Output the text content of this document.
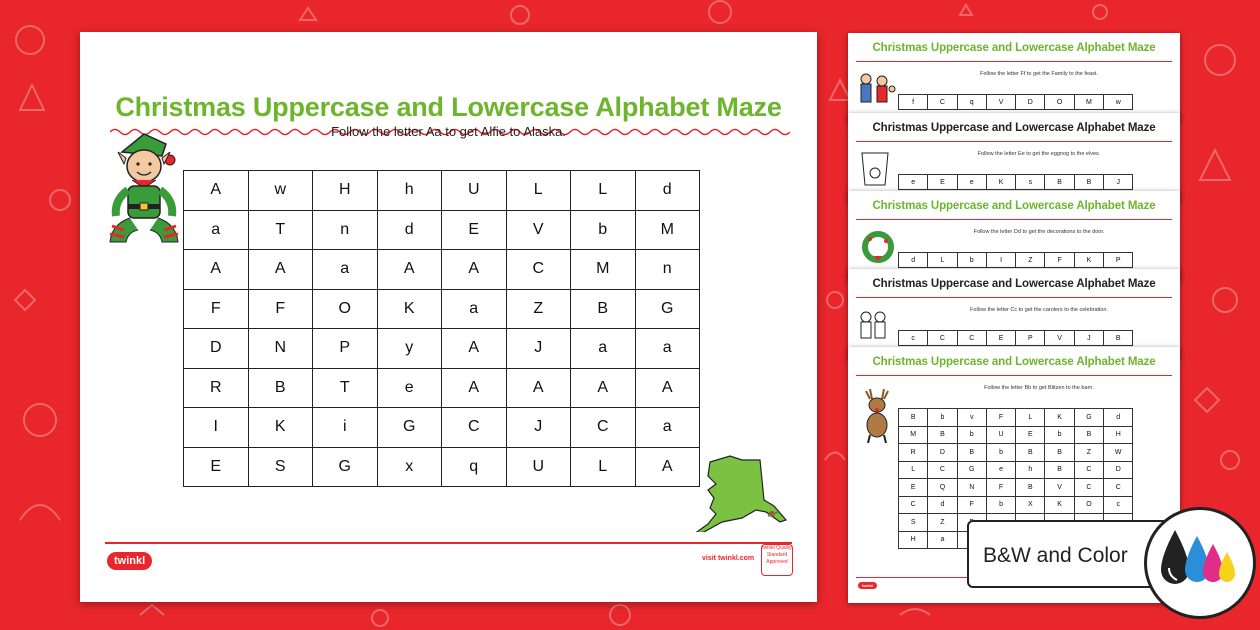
Christmas Uppercase and Lowercase Alphabet Maze
Follow the letter Aa to get Alfie to Alaska.
A	w	H	h	U	L	L	d
a	T	n	d	E	V	b	M
A	A	a	A	A	C	M	n
F	F	O	K	a	Z	B	G
D	N	P	y	A	J	a	a
R	B	T	e	A	A	A	A
I	K	i	G	C	J	C	a
E	S	G	x	q	U	L	A
twinkl	visit twinkl.com
twinkl Quality Standard Approved
Christmas Uppercase and Lowercase Alphabet Maze
Follow the letter Ff to get the Family to the feast.
f	C	q	V	D	O	M	w
Christmas Uppercase and Lowercase Alphabet Maze
Follow the letter Ee to get the eggnog to the elves.
e	E	e	K	s	B	B	J
Christmas Uppercase and Lowercase Alphabet Maze
Follow the letter Dd to get the decorations to the door.
d	L	b	I	Z	F	K	P
Christmas Uppercase and Lowercase Alphabet Maze
Follow the letter Cc to get the carolers to the celebration.
c	C	C	E	P	V	J	B
Christmas Uppercase and Lowercase Alphabet Maze
Follow the letter Bb to get Blitzen to the barn.
B	b	v	F	L	K	G	d
M	B	b	U	E	b	B	H
R	D	B	b	B	B	Z	W
L	C	G	e	h	B	C	D
E	Q	N	F	B	V	C	C
C	d	F	b	X	K	O	c
S	Z						
H	a						
twinkl
B&W and Color
